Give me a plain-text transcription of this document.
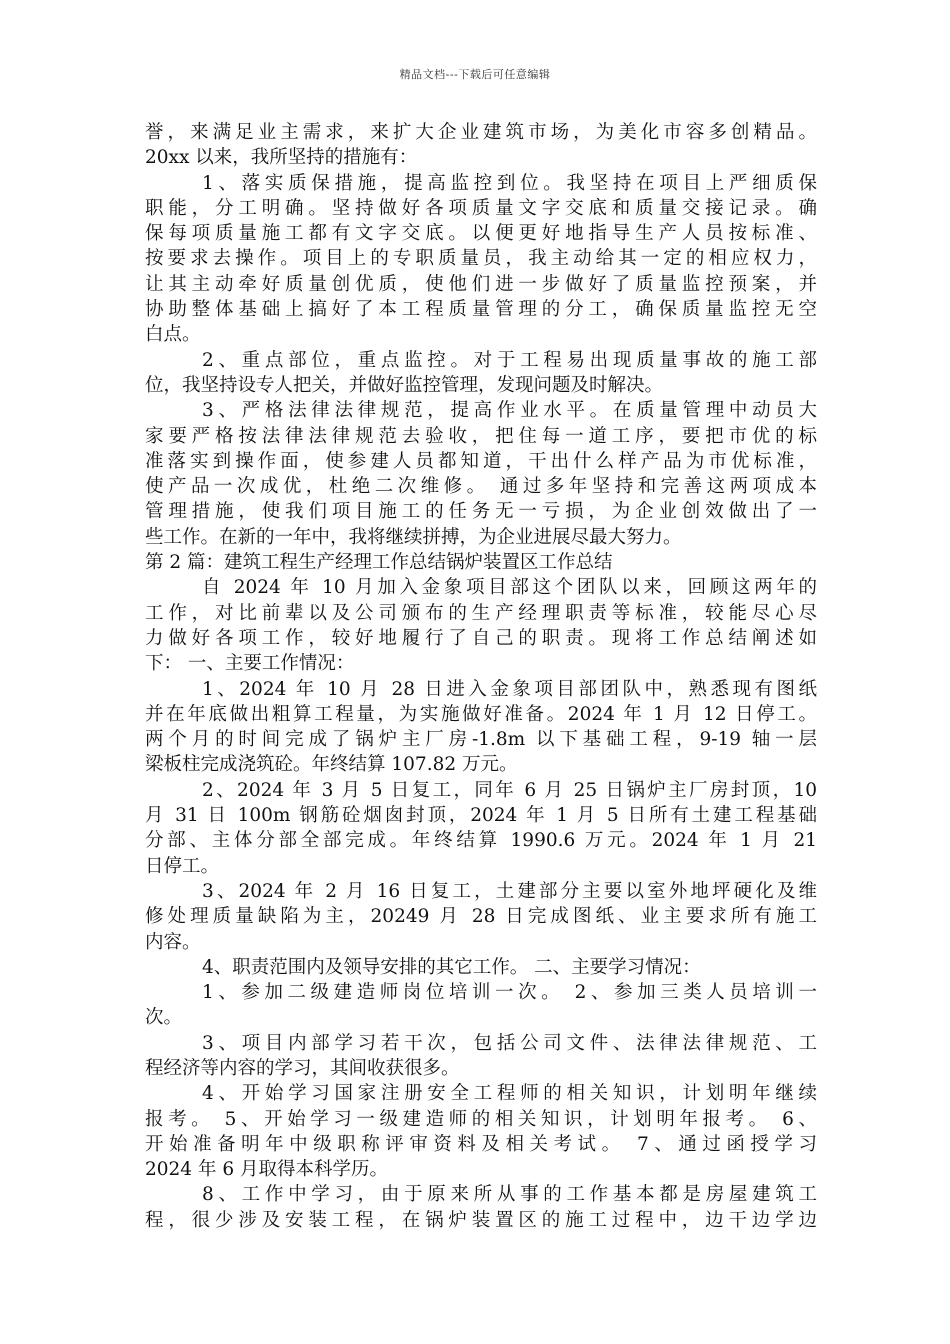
精品文档---下载后可任意编辑
誉，来满足业主需求，来扩大企业建筑市场，为美化市容多创精品。
20xx 以来，我所坚持的措施有：
1、落实质保措施，提高监控到位。我坚持在项目上严细质保
职能，分工明确。坚持做好各项质量文字交底和质量交接记录。确
保每项质量施工都有文字交底。以便更好地指导生产人员按标准、
按要求去操作。项目上的专职质量员，我主动给其一定的相应权力，
让其主动牵好质量创优质，使他们进一步做好了质量监控预案，并
协助整体基础上搞好了本工程质量管理的分工，确保质量监控无空
白点。
2、重点部位，重点监控。对于工程易出现质量事故的施工部
位，我坚持设专人把关，并做好监控管理，发现问题及时解决。
3、严格法律法律规范，提高作业水平。在质量管理中动员大
家要严格按法律法律规范去验收，把住每一道工序，要把市优的标
准落实到操作面，使参建人员都知道，干出什么样产品为市优标准，
使产品一次成优，杜绝二次维修。 通过多年坚持和完善这两项成本
管理措施，使我们项目施工的任务无一亏损，为企业创效做出了一
些工作。在新的一年中，我将继续拼搏，为企业进展尽最大努力。
第 2 篇：建筑工程生产经理工作总结锅炉装置区工作总结
自 2024 年 10 月加入金象项目部这个团队以来，回顾这两年的
工作，对比前辈以及公司颁布的生产经理职责等标准，较能尽心尽
力做好各项工作，较好地履行了自己的职责。现将工作总结阐述如
下： 一、主要工作情况：
1、2024 年 10 月 28 日进入金象项目部团队中，熟悉现有图纸
并在年底做出粗算工程量，为实施做好准备。2024 年 1 月 12 日停工。
两个月的时间完成了锅炉主厂房-1.8m 以下基础工程，9-19 轴一层
梁板柱完成浇筑砼。年终结算 107.82 万元。
2、2024 年 3 月 5 日复工，同年 6 月 25 日锅炉主厂房封顶，10
月 31 日 100m 钢筋砼烟囱封顶，2024 年 1 月 5 日所有土建工程基础
分部、主体分部全部完成。年终结算 1990.6 万元。2024 年 1 月 21
日停工。
3、2024 年 2 月 16 日复工，土建部分主要以室外地坪硬化及维
修处理质量缺陷为主，20249 月 28 日完成图纸、业主要求所有施工
内容。
4、职责范围内及领导安排的其它工作。 二、主要学习情况：
1、参加二级建造师岗位培训一次。 2、参加三类人员培训一
次。
3、项目内部学习若干次，包括公司文件、法律法律规范、工
程经济等内容的学习，其间收获很多。
4、开始学习国家注册安全工程师的相关知识，计划明年继续
报考。 5、开始学习一级建造师的相关知识，计划明年报考。 6、
开始准备明年中级职称评审资料及相关考试。 7、通过函授学习
2024 年 6 月取得本科学历。
8、工作中学习，由于原来所从事的工作基本都是房屋建筑工
程，很少涉及安装工程，在锅炉装置区的施工过程中，边干边学边
